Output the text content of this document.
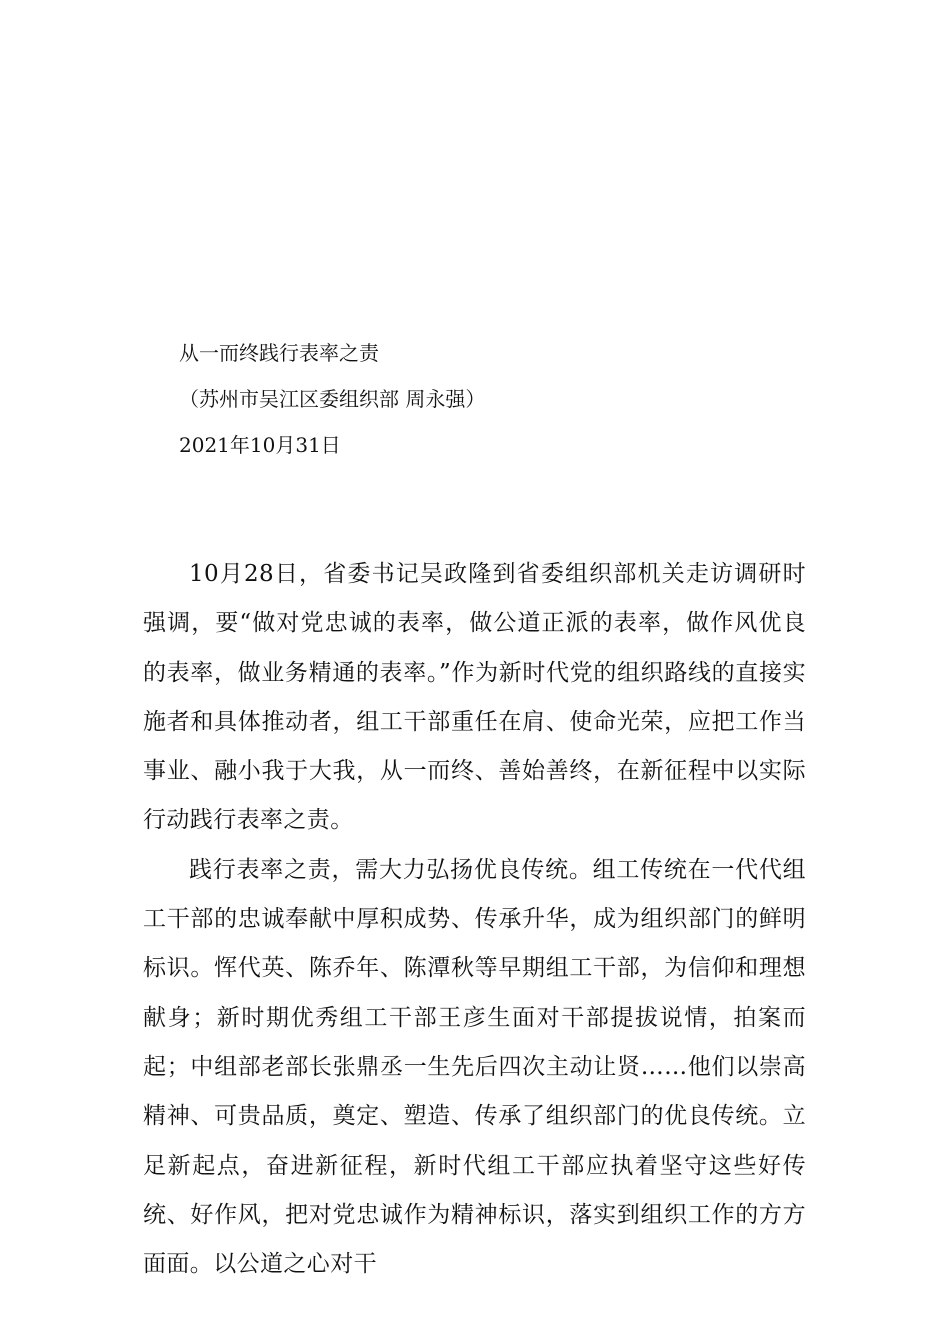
从一而终践行表率之责
（苏州市吴江区委组织部 周永强）
2021年10月31日

10月28日，省委书记吴政隆到省委组织部机关走访调研时强调，要“做对党忠诚的表率，做公道正派的表率，做作风优良的表率，做业务精通的表率。”作为新时代党的组织路线的直接实施者和具体推动者，组工干部重任在肩、使命光荣，应把工作当事业、融小我于大我，从一而终、善始善终，在新征程中以实际行动践行表率之责。

践行表率之责，需大力弘扬优良传统。组工传统在一代代组工干部的忠诚奉献中厚积成势、传承升华，成为组织部门的鲜明标识。恽代英、陈乔年、陈潭秋等早期组工干部，为信仰和理想献身；新时期优秀组工干部王彦生面对干部提拔说情，拍案而起；中组部老部长张鼎丞一生先后四次主动让贤……他们以崇高精神、可贵品质，奠定、塑造、传承了组织部门的优良传统。立足新起点，奋进新征程，新时代组工干部应执着坚守这些好传统、好作风，把对党忠诚作为精神标识，落实到组织工作的方方面面。以公道之心对干
